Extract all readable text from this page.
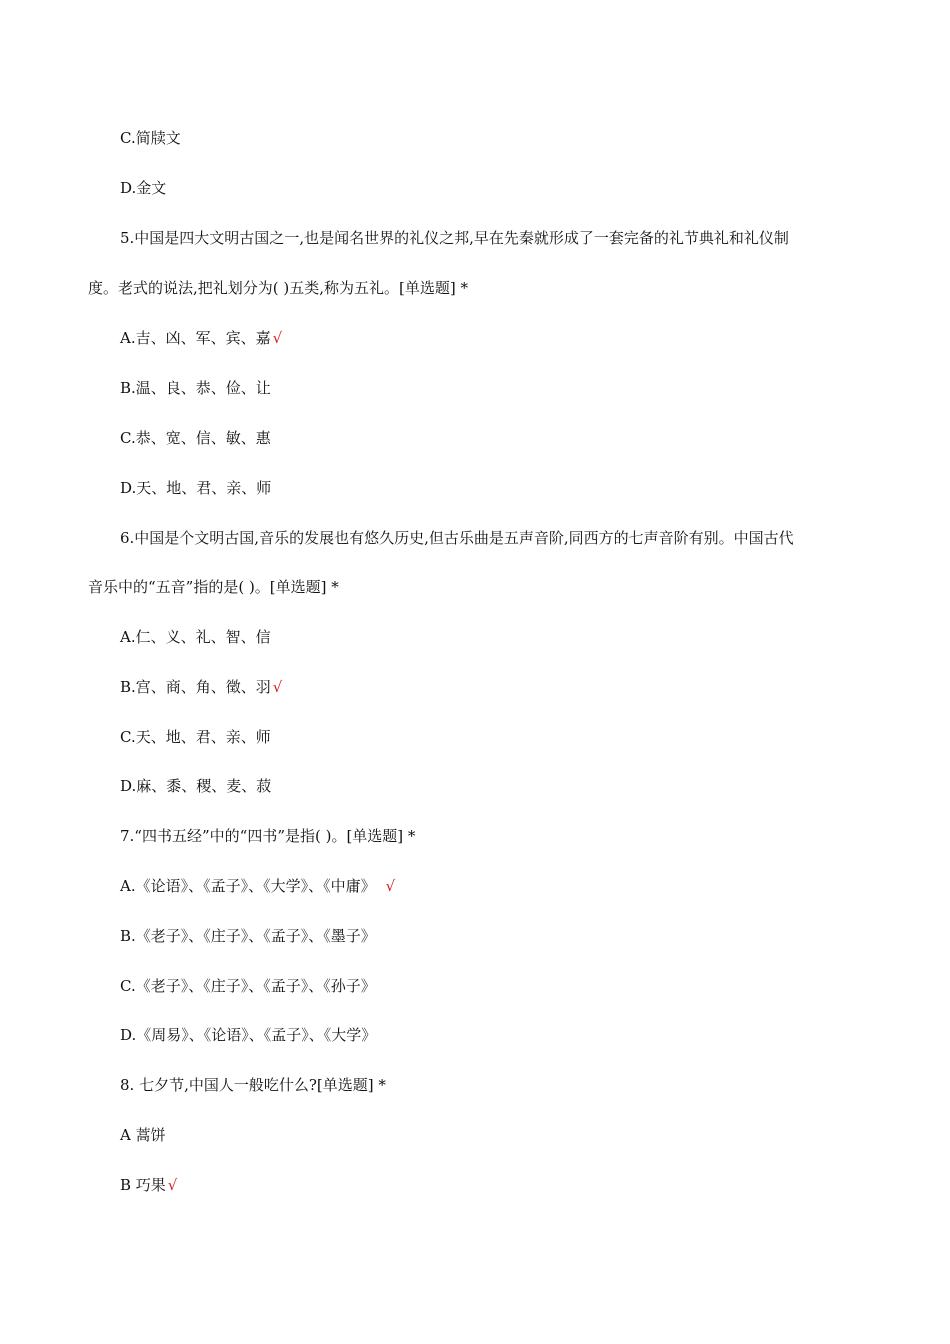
C.简牍文
D.金文
5.中国是四大文明古国之一,也是闻名世界的礼仪之邦,早在先秦就形成了一套完备的礼节典礼和礼仪制
度。老式的说法,把礼划分为( )五类,称为五礼。[单选题] *
A.吉、凶、军、宾、嘉 √
B.温、良、恭、俭、让
C.恭、宽、信、敏、惠
D.天、地、君、亲、师
6.中国是个文明古国,音乐的发展也有悠久历史,但古乐曲是五声音阶,同西方的七声音阶有别。中国古代
音乐中的“五音”指的是( )。[单选题] *
A.仁、义、礼、智、信
B.宫、商、角、徵、羽 √
C.天、地、君、亲、师
D.麻、黍、稷、麦、菽
7.“四书五经”中的“四书”是指( )。[单选题] *
A.《论语》、《孟子》、《大学》、《中庸》 √
B.《老子》、《庄子》、《孟子》、《墨子》
C.《老子》、《庄子》、《孟子》、《孙子》
D.《周易》、《论语》、《孟子》、《大学》
8. 七夕节,中国人一般吃什么?[单选题] *
A 蒿饼
B 巧果 √
